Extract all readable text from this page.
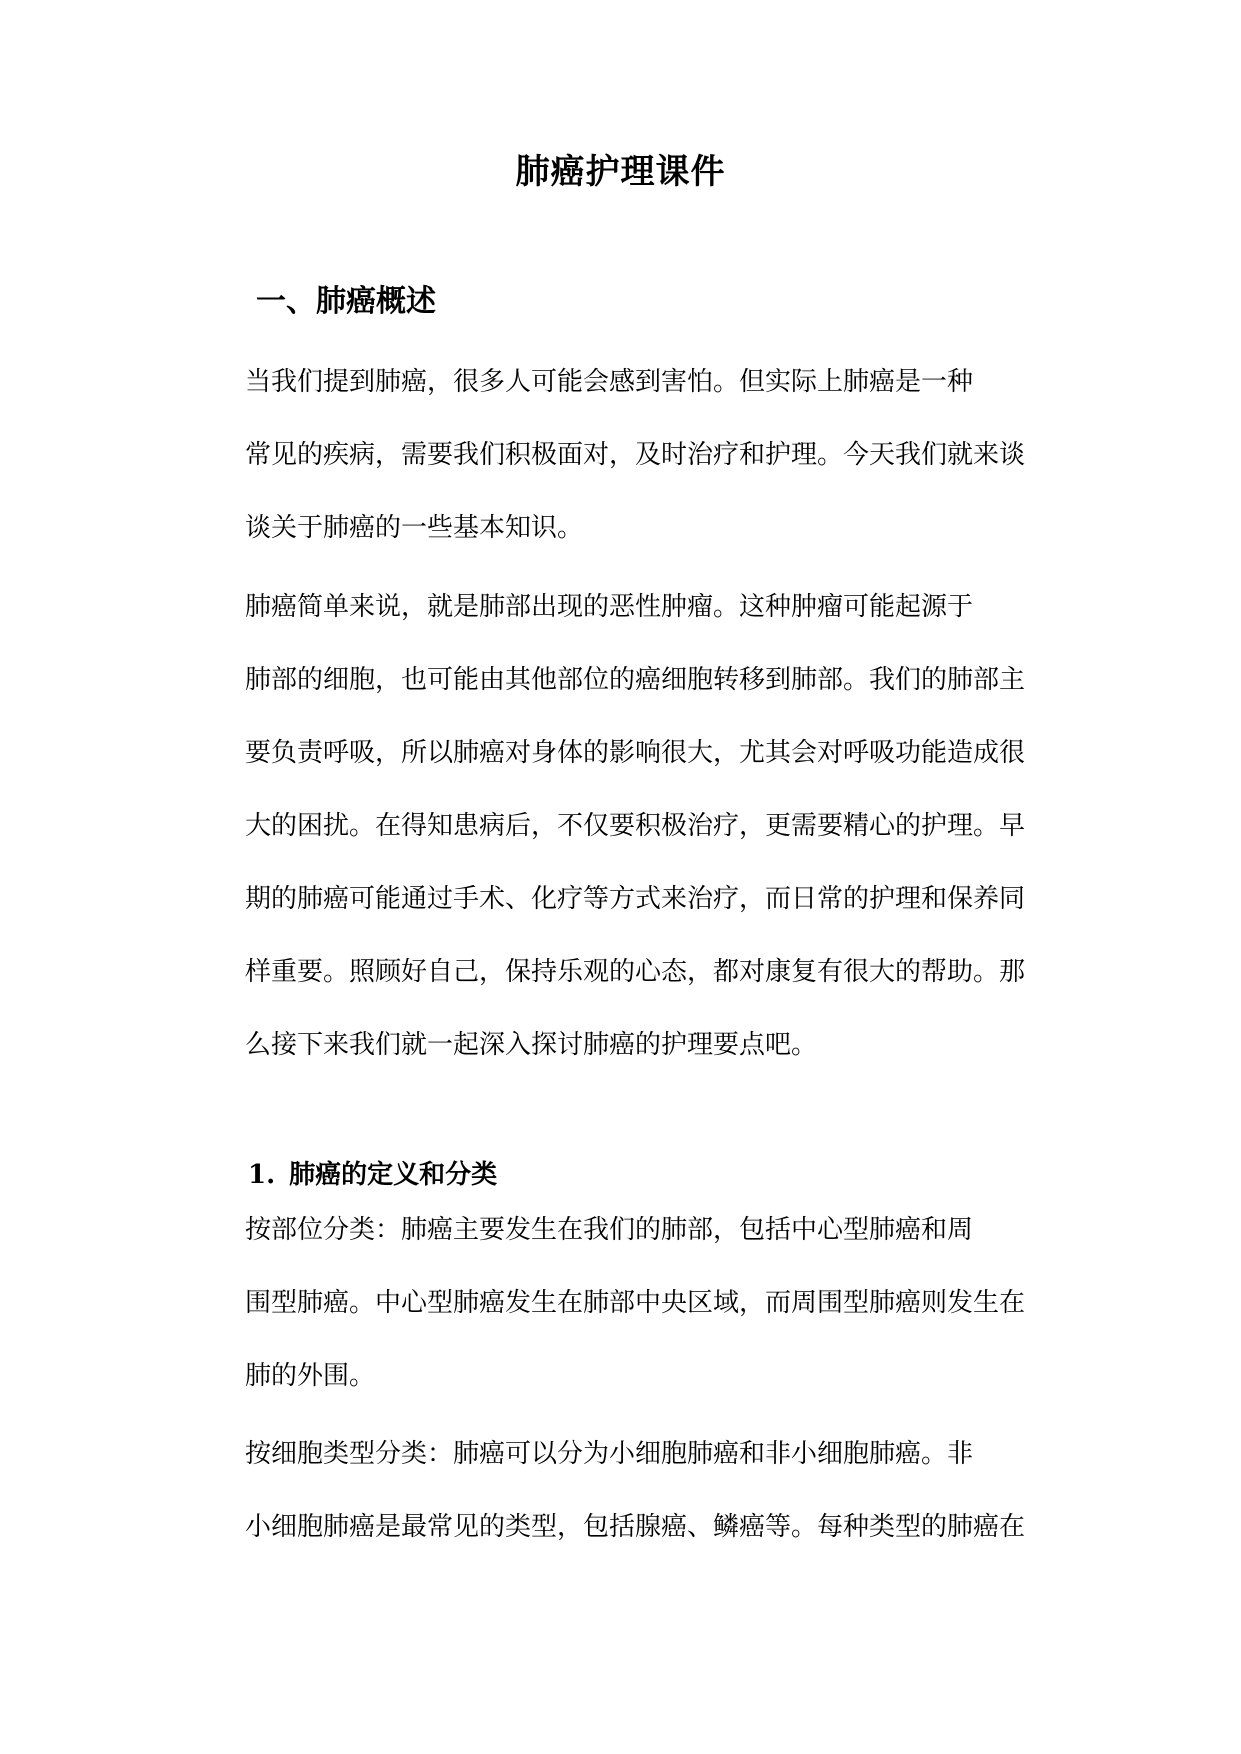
肺癌护理课件
一、肺癌概述

当我们提到肺癌，很多人可能会感到害怕。但实际上肺癌是一种
常见的疾病，需要我们积极面对，及时治疗和护理。今天我们就来谈
谈关于肺癌的一些基本知识。

肺癌简单来说，就是肺部出现的恶性肿瘤。这种肿瘤可能起源于
肺部的细胞，也可能由其他部位的癌细胞转移到肺部。我们的肺部主
要负责呼吸，所以肺癌对身体的影响很大，尤其会对呼吸功能造成很
大的困扰。在得知患病后，不仅要积极治疗，更需要精心的护理。早
期的肺癌可能通过手术、化疗等方式来治疗，而日常的护理和保养同
样重要。照顾好自己，保持乐观的心态，都对康复有很大的帮助。那
么接下来我们就一起深入探讨肺癌的护理要点吧。

1. 肺癌的定义和分类

按部位分类：肺癌主要发生在我们的肺部，包括中心型肺癌和周
围型肺癌。中心型肺癌发生在肺部中央区域，而周围型肺癌则发生在
肺的外围。

按细胞类型分类：肺癌可以分为小细胞肺癌和非小细胞肺癌。非
小细胞肺癌是最常见的类型，包括腺癌、鳞癌等。每种类型的肺癌在
